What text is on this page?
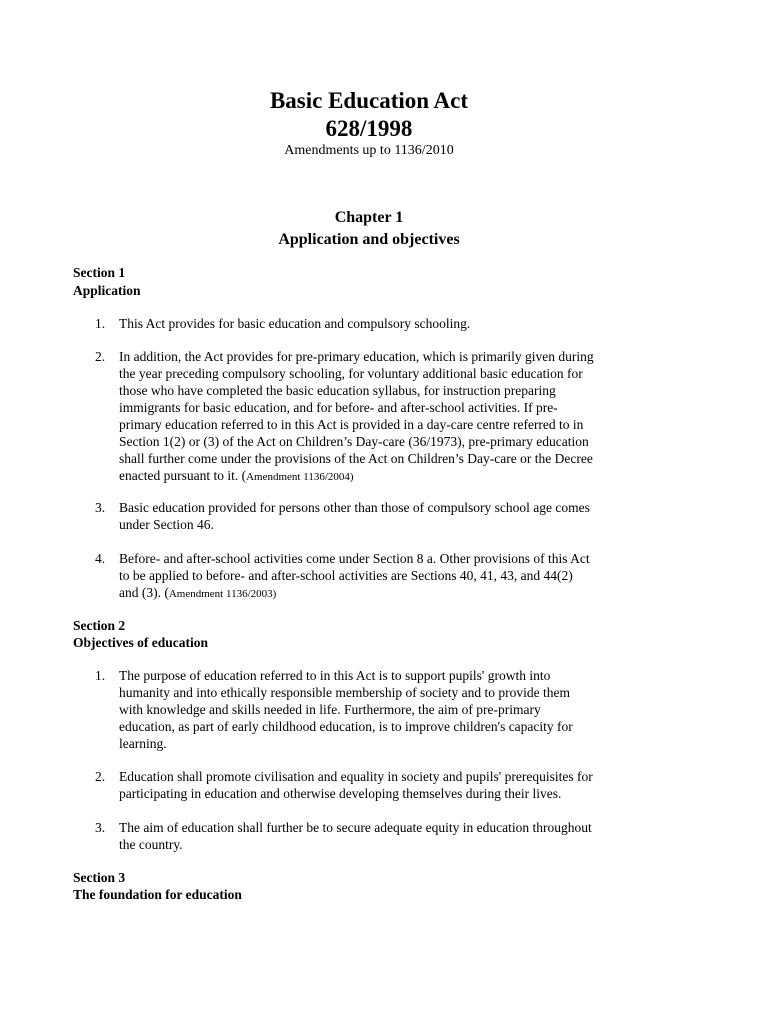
Basic Education Act
628/1998
Amendments up to 1136/2010
Chapter 1
Application and objectives
Section 1
Application
1.	This Act provides for basic education and compulsory schooling.
2.	In addition, the Act provides for pre-primary education, which is primarily given during
the year preceding compulsory schooling, for voluntary additional basic education for
those who have completed the basic education syllabus, for instruction preparing
immigrants for basic education, and for before- and after-school activities. If pre-
primary education referred to in this Act is provided in a day-care centre referred to in
Section 1(2) or (3) of the Act on Children’s Day-care (36/1973), pre-primary education
shall further come under the provisions of the Act on Children’s Day-care or the Decree
enacted pursuant to it. (Amendment 1136/2004)
3.	Basic education provided for persons other than those of compulsory school age comes
under Section 46.
4.	Before- and after-school activities come under Section 8 a. Other provisions of this Act
to be applied to before- and after-school activities are Sections 40, 41, 43, and 44(2)
and (3). (Amendment 1136/2003)
Section 2
Objectives of education
1.	The purpose of education referred to in this Act is to support pupils' growth into
humanity and into ethically responsible membership of society and to provide them
with knowledge and skills needed in life. Furthermore, the aim of pre-primary
education, as part of early childhood education, is to improve children's capacity for
learning.
2.	Education shall promote civilisation and equality in society and pupils' prerequisites for
participating in education and otherwise developing themselves during their lives.
3.	The aim of education shall further be to secure adequate equity in education throughout
the country.
Section 3
The foundation for education
